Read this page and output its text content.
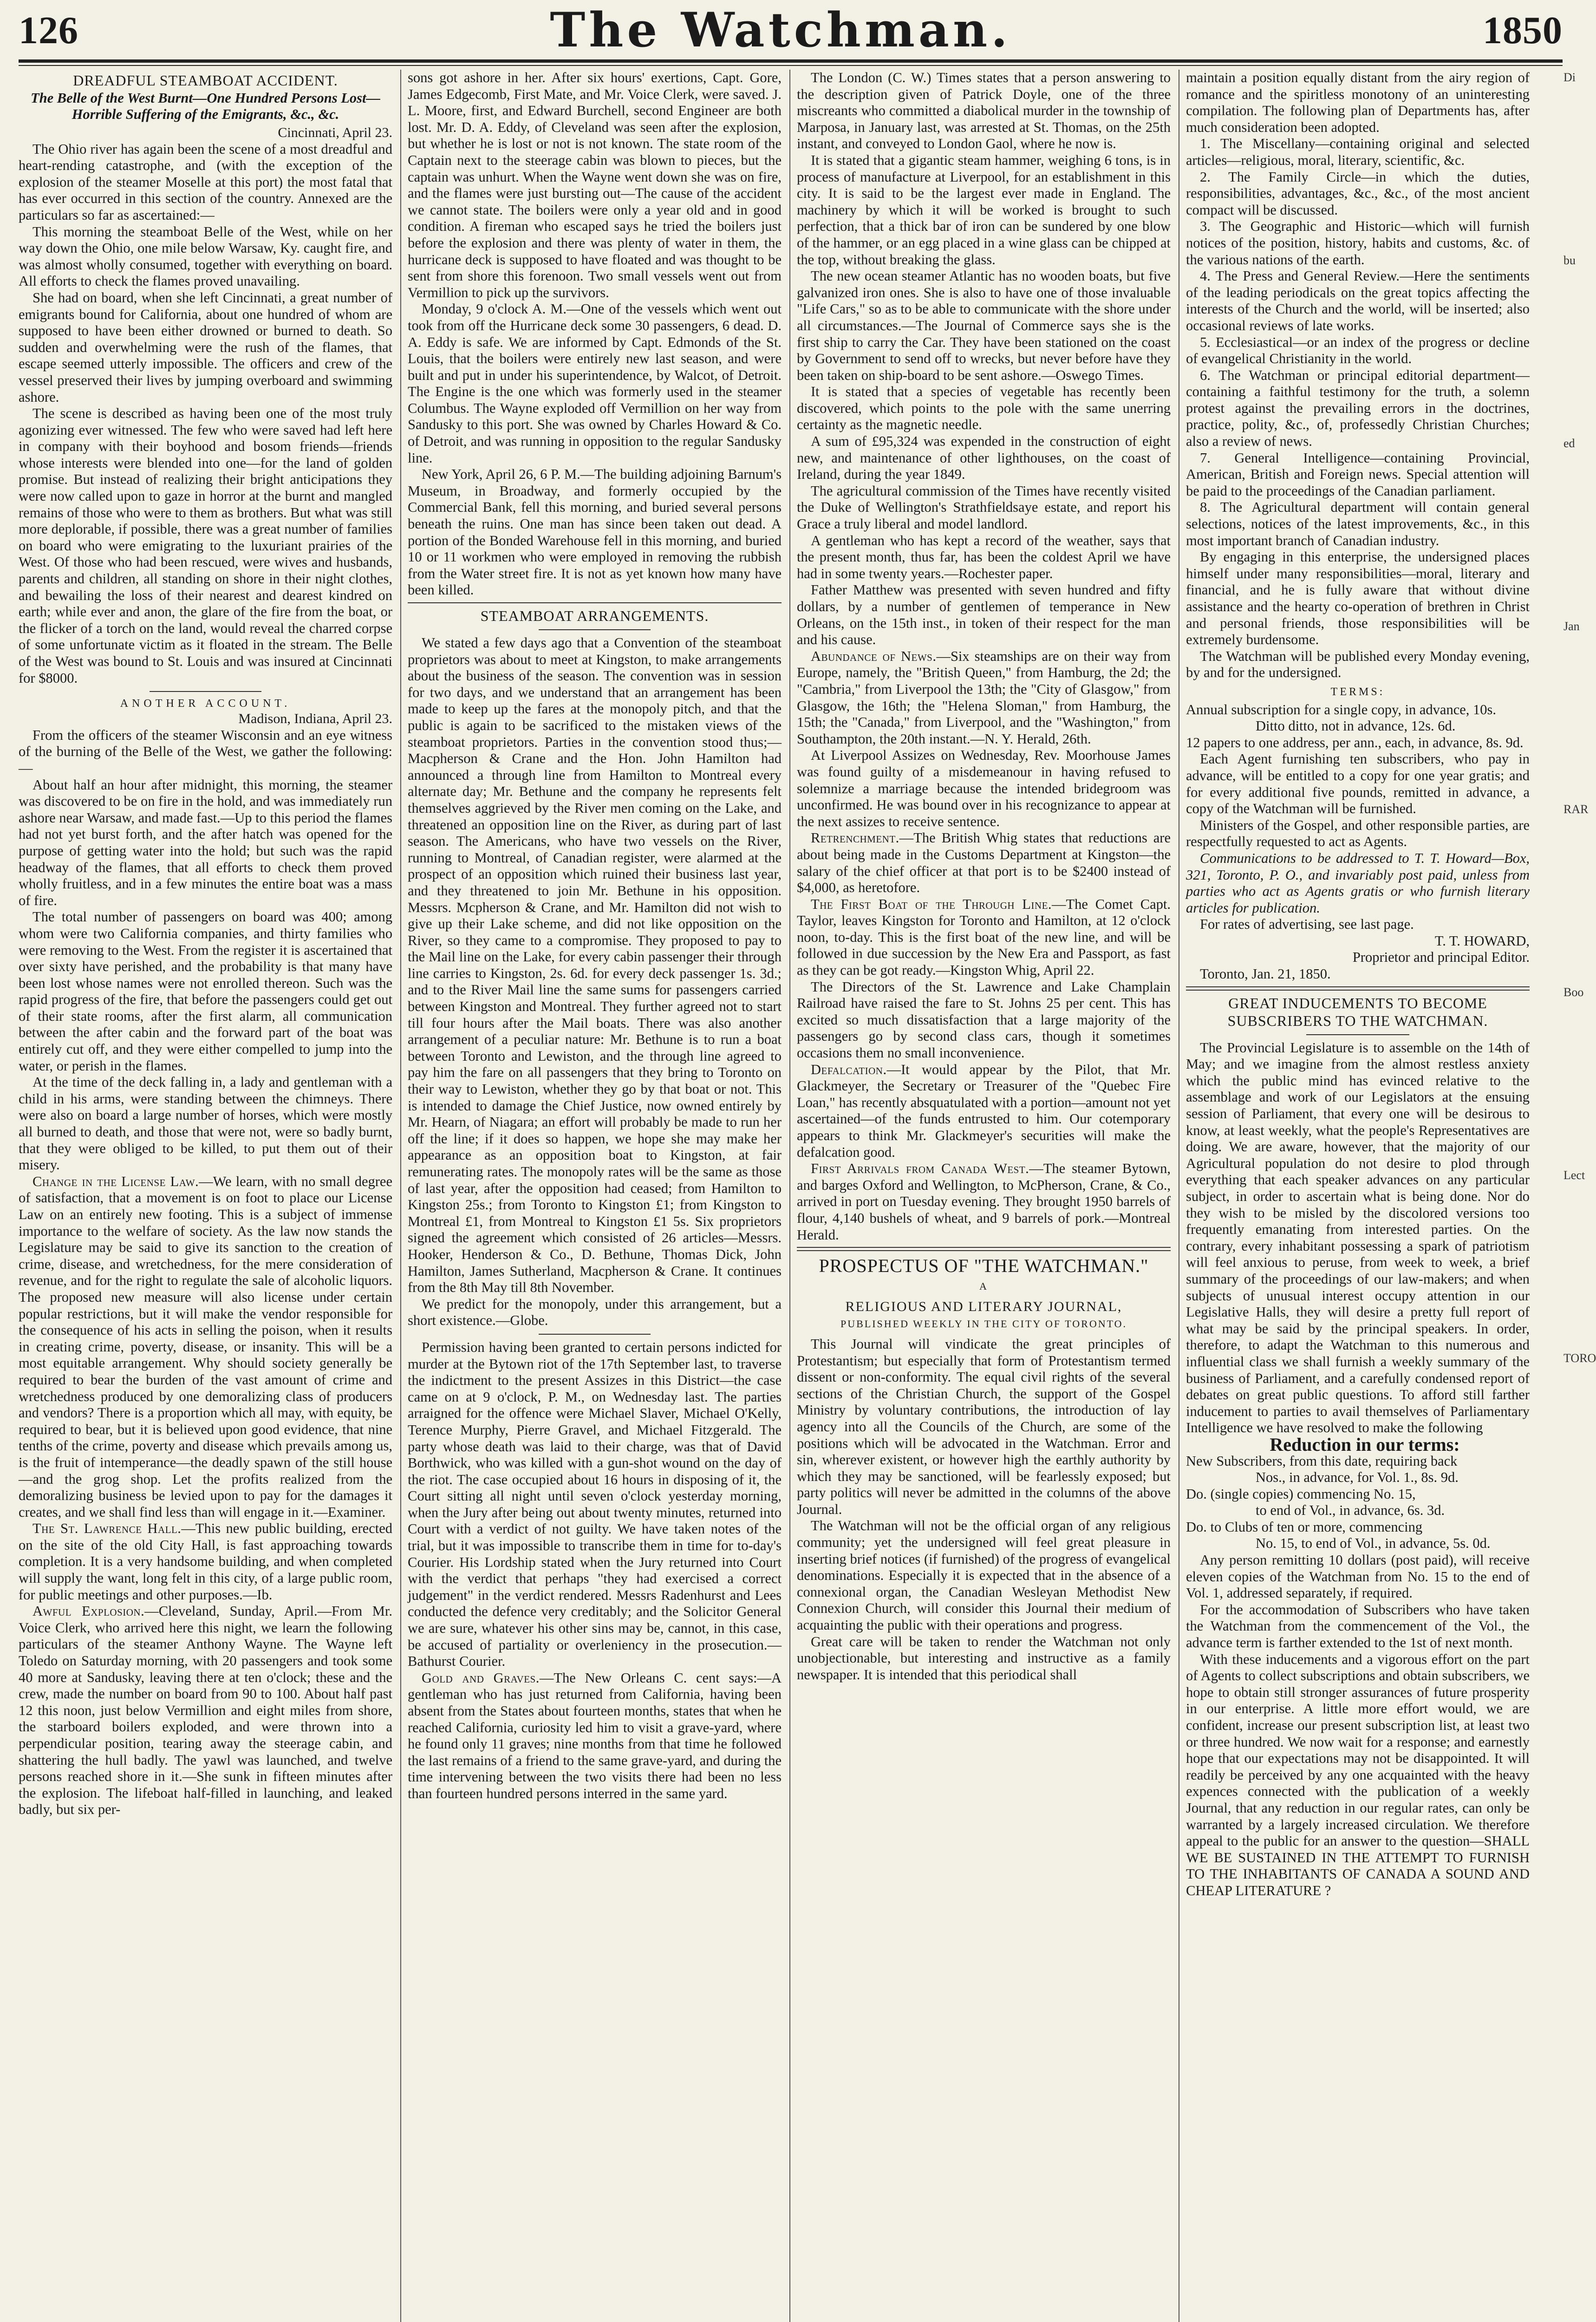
126	The Watchman.	1850
DREADFUL STEAMBOAT ACCIDENT.
The Belle of the West Burnt—One Hundred Persons Lost—Horrible Suffering of the Emigrants, &c., &c.

Cincinnati, April 23.

The Ohio river has again been the scene of a most dreadful and heart-rending catastrophe, and (with the exception of the explosion of the steamer Moselle at this port) the most fatal that has ever occurred in this section of the country. Annexed are the particulars so far as ascertained:—

This morning the steamboat Belle of the West, while on her way down the Ohio, one mile below Warsaw, Ky. caught fire, and was almost wholly consumed, together with everything on board. All efforts to check the flames proved unavailing.

She had on board, when she left Cincinnati, a great number of emigrants bound for California, about one hundred of whom are supposed to have been either drowned or burned to death. So sudden and overwhelming were the rush of the flames, that escape seemed utterly impossible. The officers and crew of the vessel preserved their lives by jumping overboard and swimming ashore.

The scene is described as having been one of the most truly agonizing ever witnessed. The few who were saved had left here in company with their boyhood and bosom friends—friends whose interests were blended into one—for the land of golden promise. But instead of realizing their bright anticipations they were now called upon to gaze in horror at the burnt and mangled remains of those who were to them as brothers. But what was still more deplorable, if possible, there was a great number of families on board who were emigrating to the luxuriant prairies of the West. Of those who had been rescued, were wives and husbands, parents and children, all standing on shore in their night clothes, and bewailing the loss of their nearest and dearest kindred on earth; while ever and anon, the glare of the fire from the boat, or the flicker of a torch on the land, would reveal the charred corpse of some unfortunate victim as it floated in the stream. The Belle of the West was bound to St. Louis and was insured at Cincinnati for $8000.

ANOTHER ACCOUNT.

Madison, Indiana, April 23.

From the officers of the steamer Wisconsin and an eye witness of the burning of the Belle of the West, we gather the following:—

About half an hour after midnight, this morning, the steamer was discovered to be on fire in the hold, and was immediately run ashore near Warsaw, and made fast.—Up to this period the flames had not yet burst forth, and the after hatch was opened for the purpose of getting water into the hold; but such was the rapid headway of the flames, that all efforts to check them proved wholly fruitless, and in a few minutes the entire boat was a mass of fire.

The total number of passengers on board was 400; among whom were two California companies, and thirty families who were removing to the West. From the register it is ascertained that over sixty have perished, and the probability is that many have been lost whose names were not enrolled thereon. Such was the rapid progress of the fire, that before the passengers could get out of their state rooms, after the first alarm, all communication between the after cabin and the forward part of the boat was entirely cut off, and they were either compelled to jump into the water, or perish in the flames.

At the time of the deck falling in, a lady and gentleman with a child in his arms, were standing between the chimneys. There were also on board a large number of horses, which were mostly all burned to death, and those that were not, were so badly burnt, that they were obliged to be killed, to put them out of their misery.

Change in the License Law.—We learn, with no small degree of satisfaction, that a movement is on foot to place our License Law on an entirely new footing. This is a subject of immense importance to the welfare of society. As the law now stands the Legislature may be said to give its sanction to the creation of crime, disease, and wretchedness, for the mere consideration of revenue, and for the right to regulate the sale of alcoholic liquors. The proposed new measure will also license under certain popular restrictions, but it will make the vendor responsible for the consequence of his acts in selling the poison, when it results in creating crime, poverty, disease, or insanity. This will be a most equitable arrangement. Why should society generally be required to bear the burden of the vast amount of crime and wretchedness produced by one demoralizing class of producers and vendors? There is a proportion which all may, with equity, be required to bear, but it is believed upon good evidence, that nine tenths of the crime, poverty and disease which prevails among us, is the fruit of intemperance—the deadly spawn of the still house—and the grog shop. Let the profits realized from the demoralizing business be levied upon to pay for the damages it creates, and we shall find less than will engage in it.—Examiner.

The St. Lawrence Hall.—This new public building, erected on the site of the old City Hall, is fast approaching towards completion. It is a very handsome building, and when completed will supply the want, long felt in this city, of a large public room, for public meetings and other purposes.—Ib.

Awful Explosion.—Cleveland, Sunday, April.—From Mr. Voice Clerk, who arrived here this night, we learn the following particulars of the steamer Anthony Wayne. The Wayne left Toledo on Saturday morning, with 20 passengers and took some 40 more at Sandusky, leaving there at ten o'clock; these and the crew, made the number on board from 90 to 100. About half past 12 this noon, just below Vermillion and eight miles from shore, the starboard boilers exploded, and were thrown into a perpendicular position, tearing away the steerage cabin, and shattering the hull badly. The yawl was launched, and twelve persons reached shore in it.—She sunk in fifteen minutes after the explosion. The lifeboat half-filled in launching, and leaked badly, but six per-

sons got ashore in her. After six hours' exertions, Capt. Gore, James Edgecomb, First Mate, and Mr. Voice Clerk, were saved. J. L. Moore, first, and Edward Burchell, second Engineer are both lost. Mr. D. A. Eddy, of Cleveland was seen after the explosion, but whether he is lost or not is not known. The state room of the Captain next to the steerage cabin was blown to pieces, but the captain was unhurt. When the Wayne went down she was on fire, and the flames were just bursting out—The cause of the accident we cannot state. The boilers were only a year old and in good condition. A fireman who escaped says he tried the boilers just before the explosion and there was plenty of water in them, the hurricane deck is supposed to have floated and was thought to be sent from shore this forenoon. Two small vessels went out from Vermillion to pick up the survivors.

Monday, 9 o'clock A. M.—One of the vessels which went out took from off the Hurricane deck some 30 passengers, 6 dead. D. A. Eddy is safe. We are informed by Capt. Edmonds of the St. Louis, that the boilers were entirely new last season, and were built and put in under his superintendence, by Walcot, of Detroit. The Engine is the one which was formerly used in the steamer Columbus. The Wayne exploded off Vermillion on her way from Sandusky to this port. She was owned by Charles Howard & Co. of Detroit, and was running in opposition to the regular Sandusky line.

New York, April 26, 6 P. M.—The building adjoining Barnum's Museum, in Broadway, and formerly occupied by the Commercial Bank, fell this morning, and buried several persons beneath the ruins. One man has since been taken out dead. A portion of the Bonded Warehouse fell in this morning, and buried 10 or 11 workmen who were employed in removing the rubbish from the Water street fire. It is not as yet known how many have been killed.

STEAMBOAT ARRANGEMENTS.

We stated a few days ago that a Convention of the steamboat proprietors was about to meet at Kingston, to make arrangements about the business of the season. The convention was in session for two days, and we understand that an arrangement has been made to keep up the fares at the monopoly pitch, and that the public is again to be sacrificed to the mistaken views of the steamboat proprietors. Parties in the convention stood thus;—Macpherson & Crane and the Hon. John Hamilton had announced a through line from Hamilton to Montreal every alternate day; Mr. Bethune and the company he represents felt themselves aggrieved by the River men coming on the Lake, and threatened an opposition line on the River, as during part of last season. The Americans, who have two vessels on the River, running to Montreal, of Canadian register, were alarmed at the prospect of an opposition which ruined their business last year, and they threatened to join Mr. Bethune in his opposition. Messrs. Mcpherson & Crane, and Mr. Hamilton did not wish to give up their Lake scheme, and did not like opposition on the River, so they came to a compromise. They proposed to pay to the Mail line on the Lake, for every cabin passenger their through line carries to Kingston, 2s. 6d. for every deck passenger 1s. 3d.; and to the River Mail line the same sums for passengers carried between Kingston and Montreal. They further agreed not to start till four hours after the Mail boats. There was also another arrangement of a peculiar nature: Mr. Bethune is to run a boat between Toronto and Lewiston, and the through line agreed to pay him the fare on all passengers that they bring to Toronto on their way to Lewiston, whether they go by that boat or not. This is intended to damage the Chief Justice, now owned entirely by Mr. Hearn, of Niagara; an effort will probably be made to run her off the line; if it does so happen, we hope she may make her appearance as an opposition boat to Kingston, at fair remunerating rates. The monopoly rates will be the same as those of last year, after the opposition had ceased; from Hamilton to Kingston 25s.; from Toronto to Kingston £1; from Kingston to Montreal £1, from Montreal to Kingston £1 5s. Six proprietors signed the agreement which consisted of 26 articles—Messrs. Hooker, Henderson & Co., D. Bethune, Thomas Dick, John Hamilton, James Sutherland, Macpherson & Crane. It continues from the 8th May till 8th November.

We predict for the monopoly, under this arrangement, but a short existence.—Globe.

Permission having been granted to certain persons indicted for murder at the Bytown riot of the 17th September last, to traverse the indictment to the present Assizes in this District—the case came on at 9 o'clock, P. M., on Wednesday last. The parties arraigned for the offence were Michael Slaver, Michael O'Kelly, Terence Murphy, Pierre Gravel, and Michael Fitzgerald. The party whose death was laid to their charge, was that of David Borthwick, who was killed with a gun-shot wound on the day of the riot. The case occupied about 16 hours in disposing of it, the Court sitting all night until seven o'clock yesterday morning, when the Jury after being out about twenty minutes, returned into Court with a verdict of not guilty. We have taken notes of the trial, but it was impossible to transcribe them in time for to-day's Courier. His Lordship stated when the Jury returned into Court with the verdict that perhaps "they had exercised a correct judgement" in the verdict rendered. Messrs Radenhurst and Lees conducted the defence very creditably; and the Solicitor General we are sure, whatever his other sins may be, cannot, in this case, be accused of partiality or overleniency in the prosecution.—Bathurst Courier.

Gold and Graves.—The New Orleans C. cent says:—A gentleman who has just returned from California, having been absent from the States about fourteen months, states that when he reached California, curiosity led him to visit a grave-yard, where he found only 11 graves; nine months from that time he followed the last remains of a friend to the same grave-yard, and during the time intervening between the two visits there had been no less than fourteen hundred persons interred in the same yard.

The London (C. W.) Times states that a person answering to the description given of Patrick Doyle, one of the three miscreants who committed a diabolical murder in the township of Marposa, in January last, was arrested at St. Thomas, on the 25th instant, and conveyed to London Gaol, where he now is.

It is stated that a gigantic steam hammer, weighing 6 tons, is in process of manufacture at Liverpool, for an establishment in this city. It is said to be the largest ever made in England. The machinery by which it will be worked is brought to such perfection, that a thick bar of iron can be sundered by one blow of the hammer, or an egg placed in a wine glass can be chipped at the top, without breaking the glass.

The new ocean steamer Atlantic has no wooden boats, but five galvanized iron ones. She is also to have one of those invaluable "Life Cars," so as to be able to communicate with the shore under all circumstances.—The Journal of Commerce says she is the first ship to carry the Car. They have been stationed on the coast by Government to send off to wrecks, but never before have they been taken on ship-board to be sent ashore.—Oswego Times.

It is stated that a species of vegetable has recently been discovered, which points to the pole with the same unerring certainty as the magnetic needle.

A sum of £95,324 was expended in the construction of eight new, and maintenance of other lighthouses, on the coast of Ireland, during the year 1849.

The agricultural commission of the Times have recently visited the Duke of Wellington's Strathfieldsaye estate, and report his Grace a truly liberal and model landlord.

A gentleman who has kept a record of the weather, says that the present month, thus far, has been the coldest April we have had in some twenty years.—Rochester paper.

Father Matthew was presented with seven hundred and fifty dollars, by a number of gentlemen of temperance in New Orleans, on the 15th inst., in token of their respect for the man and his cause.

Abundance of News.—Six steamships are on their way from Europe, namely, the "British Queen," from Hamburg, the 2d; the "Cambria," from Liverpool the 13th; the "City of Glasgow," from Glasgow, the 16th; the "Helena Sloman," from Hamburg, the 15th; the "Canada," from Liverpool, and the "Washington," from Southampton, the 20th instant.—N. Y. Herald, 26th.

At Liverpool Assizes on Wednesday, Rev. Moorhouse James was found guilty of a misdemeanour in having refused to solemnize a marriage because the intended bridegroom was unconfirmed. He was bound over in his recognizance to appear at the next assizes to receive sentence.

Retrenchment.—The British Whig states that reductions are about being made in the Customs Department at Kingston—the salary of the chief officer at that port is to be $2400 instead of $4,000, as heretofore.

The First Boat of the Through Line.—The Comet Capt. Taylor, leaves Kingston for Toronto and Hamilton, at 12 o'clock noon, to-day. This is the first boat of the new line, and will be followed in due succession by the New Era and Passport, as fast as they can be got ready.—Kingston Whig, April 22.

The Directors of the St. Lawrence and Lake Champlain Railroad have raised the fare to St. Johns 25 per cent. This has excited so much dissatisfaction that a large majority of the passengers go by second class cars, though it sometimes occasions them no small inconvenience.

Defalcation.—It would appear by the Pilot, that Mr. Glackmeyer, the Secretary or Treasurer of the "Quebec Fire Loan," has recently absquatulated with a portion—amount not yet ascertained—of the funds entrusted to him. Our cotemporary appears to think Mr. Glackmeyer's securities will make the defalcation good.

First Arrivals from Canada West.—The steamer Bytown, and barges Oxford and Wellington, to McPherson, Crane, & Co., arrived in port on Tuesday evening. They brought 1950 barrels of flour, 4,140 bushels of wheat, and 9 barrels of pork.—Montreal Herald.

PROSPECTUS OF "THE WATCHMAN."
A
RELIGIOUS AND LITERARY JOURNAL,
PUBLISHED WEEKLY IN THE CITY OF TORONTO.

This Journal will vindicate the great principles of Protestantism; but especially that form of Protestantism termed dissent or non-conformity. The equal civil rights of the several sections of the Christian Church, the support of the Gospel Ministry by voluntary contributions, the introduction of lay agency into all the Councils of the Church, are some of the positions which will be advocated in the Watchman. Error and sin, wherever existent, or however high the earthly authority by which they may be sanctioned, will be fearlessly exposed; but party politics will never be admitted in the columns of the above Journal.

The Watchman will not be the official organ of any religious community; yet the undersigned will feel great pleasure in inserting brief notices (if furnished) of the progress of evangelical denominations. Especially it is expected that in the absence of a connexional organ, the Canadian Wesleyan Methodist New Connexion Church, will consider this Journal their medium of acquainting the public with their operations and progress.

Great care will be taken to render the Watchman not only unobjectionable, but interesting and instructive as a family newspaper. It is intended that this periodical shall

maintain a position equally distant from the airy region of romance and the spiritless monotony of an uninteresting compilation. The following plan of Departments has, after much consideration been adopted.

1. The Miscellany—containing original and selected articles—religious, moral, literary, scientific, &c.

2. The Family Circle—in which the duties, responsibilities, advantages, &c., &c., of the most ancient compact will be discussed.

3. The Geographic and Historic—which will furnish notices of the position, history, habits and customs, &c. of the various nations of the earth.

4. The Press and General Review.—Here the sentiments of the leading periodicals on the great topics affecting the interests of the Church and the world, will be inserted; also occasional reviews of late works.

5. Ecclesiastical—or an index of the progress or decline of evangelical Christianity in the world.

6. The Watchman or principal editorial department—containing a faithful testimony for the truth, a solemn protest against the prevailing errors in the doctrines, practice, polity, &c., of, professedly Christian Churches; also a review of news.

7. General Intelligence—containing Provincial, American, British and Foreign news. Special attention will be paid to the proceedings of the Canadian parliament.

8. The Agricultural department will contain general selections, notices of the latest improvements, &c., in this most important branch of Canadian industry.

By engaging in this enterprise, the undersigned places himself under many responsibilities—moral, literary and financial, and he is fully aware that without divine assistance and the hearty co-operation of brethren in Christ and personal friends, those responsibilities will be extremely burdensome.

The Watchman will be published every Monday evening, by and for the undersigned.

TERMS:

Annual subscription for a single copy, in advance, 10s.

Ditto ditto, not in advance, 12s. 6d.

12 papers to one address, per ann., each, in advance, 8s. 9d.

Each Agent furnishing ten subscribers, who pay in advance, will be entitled to a copy for one year gratis; and for every additional five pounds, remitted in advance, a copy of the Watchman will be furnished.

Ministers of the Gospel, and other responsible parties, are respectfully requested to act as Agents.

Communications to be addressed to T. T. Howard—Box, 321, Toronto, P. O., and invariably post paid, unless from parties who act as Agents gratis or who furnish literary articles for publication.

For rates of advertising, see last page.

T. T. HOWARD,

Proprietor and principal Editor.

Toronto, Jan. 21, 1850.

GREAT INDUCEMENTS TO BECOME SUBSCRIBERS TO THE WATCHMAN.

The Provincial Legislature is to assemble on the 14th of May; and we imagine from the almost restless anxiety which the public mind has evinced relative to the assemblage and work of our Legislators at the ensuing session of Parliament, that every one will be desirous to know, at least weekly, what the people's Representatives are doing. We are aware, however, that the majority of our Agricultural population do not desire to plod through everything that each speaker advances on any particular subject, in order to ascertain what is being done. Nor do they wish to be misled by the discolored versions too frequently emanating from interested parties. On the contrary, every inhabitant possessing a spark of patriotism will feel anxious to peruse, from week to week, a brief summary of the proceedings of our law-makers; and when subjects of unusual interest occupy attention in our Legislative Halls, they will desire a pretty full report of what may be said by the principal speakers. In order, therefore, to adapt the Watchman to this numerous and influential class we shall furnish a weekly summary of the business of Parliament, and a carefully condensed report of debates on great public questions. To afford still farther inducement to parties to avail themselves of Parliamentary Intelligence we have resolved to make the following

Reduction in our terms:

New Subscribers, from this date, requiring back

Nos., in advance, for Vol. 1., 8s. 9d.

Do. (single copies) commencing No. 15,

to end of Vol., in advance, 6s. 3d.

Do. to Clubs of ten or more, commencing

No. 15, to end of Vol., in advance, 5s. 0d.

Any person remitting 10 dollars (post paid), will receive eleven copies of the Watchman from No. 15 to the end of Vol. 1, addressed separately, if required.

For the accommodation of Subscribers who have taken the Watchman from the commencement of the Vol., the advance term is farther extended to the 1st of next month.

With these inducements and a vigorous effort on the part of Agents to collect subscriptions and obtain subscribers, we hope to obtain still stronger assurances of future prosperity in our enterprise. A little more effort would, we are confident, increase our present subscription list, at least two or three hundred. We now wait for a response; and earnestly hope that our expectations may not be disappointed. It will readily be perceived by any one acquainted with the heavy expences connected with the publication of a weekly Journal, that any reduction in our regular rates, can only be warranted by a largely increased circulation. We therefore appeal to the public for an answer to the question—SHALL WE BE SUSTAINED IN THE ATTEMPT TO FURNISH TO THE INHABITANTS OF CANADA A SOUND AND CHEAP LITERATURE ?

Di
bu
ed
Jan
RAR
Boo
Lect
TORO
